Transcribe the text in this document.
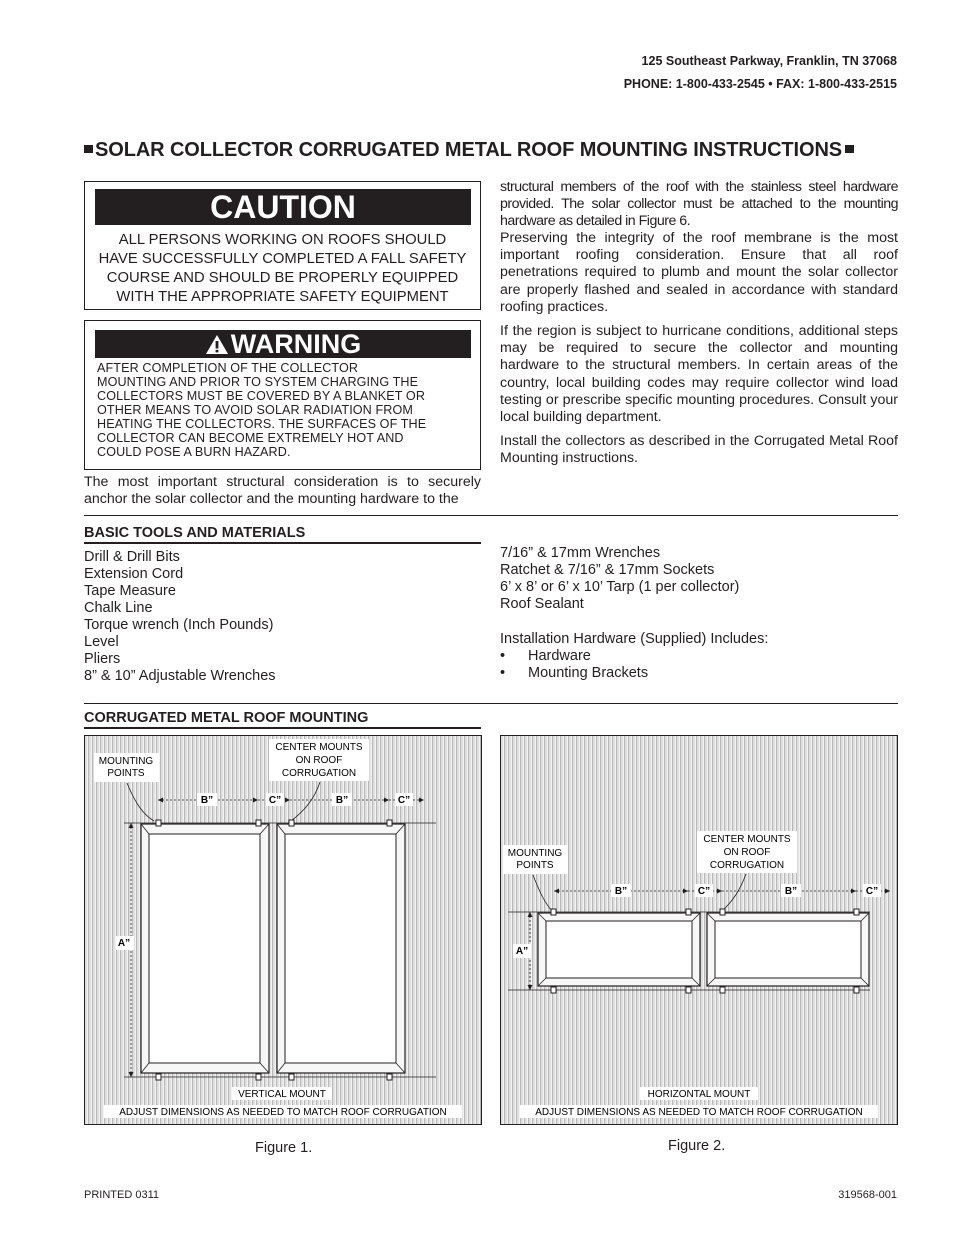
125 Southeast Parkway, Franklin, TN 37068
PHONE: 1-800-433-2545 • FAX: 1-800-433-2515
SOLAR COLLECTOR CORRUGATED METAL ROOF MOUNTING INSTRUCTIONS
CAUTION
ALL PERSONS WORKING ON ROOFS SHOULD
HAVE SUCCESSFULLY COMPLETED A FALL SAFETY
COURSE AND SHOULD BE PROPERLY EQUIPPED
WITH THE APPROPRIATE SAFETY EQUIPMENT
WARNING
AFTER COMPLETION OF THE COLLECTOR
MOUNTING AND PRIOR TO SYSTEM CHARGING THE
COLLECTORS MUST BE COVERED BY A BLANKET OR
OTHER MEANS TO AVOID SOLAR RADIATION FROM
HEATING THE COLLECTORS. THE SURFACES OF THE
COLLECTOR CAN BECOME EXTREMELY HOT AND
COULD POSE A BURN HAZARD.
The most important structural consideration is to securely anchor the solar collector and the mounting hardware to the
structural members of the roof with the stainless steel hardware provided. The solar collector must be attached to the mounting hardware as detailed in Figure 6.
Preserving the integrity of the roof membrane is the most important roofing consideration. Ensure that all roof penetrations required to plumb and mount the solar collector are properly flashed and sealed in accordance with standard roofing practices.
If the region is subject to hurricane conditions, additional steps may be required to secure the collector and mounting hardware to the structural members. In certain areas of the country, local building codes may require collector wind load testing or prescribe specific mounting procedures. Consult your local building department.
Install the collectors as described in the Corrugated Metal Roof Mounting instructions.
BASIC TOOLS AND MATERIALS
Drill & Drill Bits
Extension Cord
Tape Measure
Chalk Line
Torque wrench (Inch Pounds)
Level
Pliers
8” & 10” Adjustable Wrenches
7/16” & 17mm Wrenches
Ratchet & 7/16” & 17mm Sockets
6’ x 8’ or 6’ x 10’ Tarp (1 per collector)
Roof Sealant
Installation Hardware (Supplied) Includes:
• Hardware
• Mounting Brackets
CORRUGATED METAL ROOF MOUNTING
MOUNTING
POINTS
CENTER MOUNTS
ON ROOF
CORRUGATION
B”	C”	B”	C”
A”
VERTICAL MOUNT
ADJUST DIMENSIONS AS NEEDED TO MATCH ROOF CORRUGATION
MOUNTING
POINTS
CENTER MOUNTS
ON ROOF
CORRUGATION
B”	C”	B”	C”
A”
HORIZONTAL MOUNT
ADJUST DIMENSIONS AS NEEDED TO MATCH ROOF CORRUGATION
Figure 1.	Figure 2.
PRINTED 0311	319568-001
